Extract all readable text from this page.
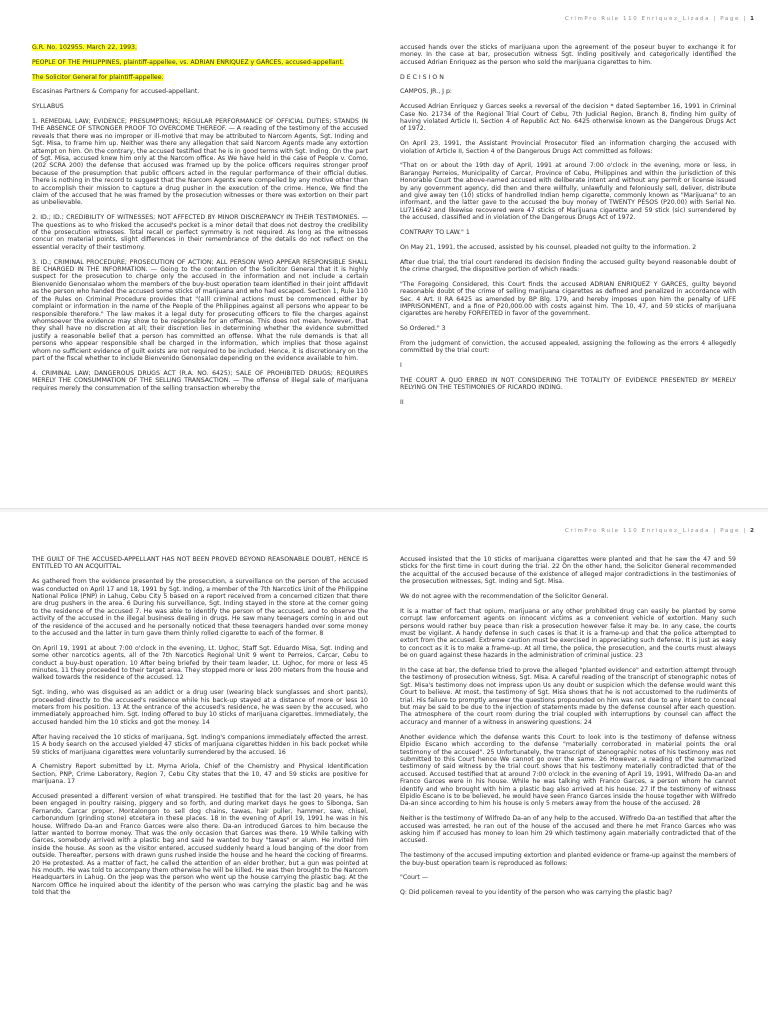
CrimPro Rule 110 Enriquez_Lizada | Page | 1

G.R. No. 102955. March 22, 1993.

PEOPLE OF THE PHILIPPINES, plaintiff-appellee, vs. ADRIAN ENRIQUEZ y GARCES, accused-appellant.

The Solicitor General for plaintiff-appellee.

Escasinas Partners & Company for accused-appellant.

SYLLABUS

1. REMEDIAL LAW; EVIDENCE; PRESUMPTIONS; REGULAR PERFORMANCE OF OFFICIAL DUTIES; STANDS IN THE ABSENCE OF STRONGER PROOF TO OVERCOME THEREOF. — A reading of the testimony of the accused reveals that there was no improper or ill-motive that may be attributed to Narcom Agents, Sgt. Inding and Sgt. Misa, to frame him up. Neither was there any allegation that said Narcom Agents made any extortion attempt on him. On the contrary, the accused testified that he is in good terms with Sgt. Inding. On the part of Sgt. Misa, accused knew him only at the Narcom office. As We have held in the case of People v. Como, (202 SCRA 200) the defense that accused was framed up by the police officers requires stronger proof because of the presumption that public officers acted in the regular performance of their official duties. There is nothing in the record to suggest that the Narcom Agents were compelled by any motive other than to accomplish their mission to capture a drug pusher in the execution of the crime. Hence, We find the claim of the accused that he was framed by the prosecution witnesses or there was extortion on their part as unbelievable.

2. ID.; ID.; CREDIBILITY OF WITNESSES; NOT AFFECTED BY MINOR DISCREPANCY IN THEIR TESTIMONIES. — The questions as to who frisked the accused's pocket is a minor detail that does not destroy the credibility of the prosecution witnesses. Total recall or perfect symmetry is not required. As long as the witnesses concur on material points, slight differences in their remembrance of the details do not reflect on the essential veracity of their testimony.

3. ID.; CRIMINAL PROCEDURE; PROSECUTION OF ACTION; ALL PERSON WHO APPEAR RESPONSIBLE SHALL BE CHARGED IN THE INFORMATION. — Going to the contention of the Solicitor General that it is highly suspect for the prosecution to charge only the accused in the information and not include a certain Bienvenido Genonsalao whom the members of the buy-bust operation team identified in their joint affidavit as the person who handed the accused some sticks of marijuana and who had escaped. Section 1, Rule 110 of the Rules on Criminal Procedure provides that "(a)ll criminal actions must be commenced either by complaint or information in the name of the People of the Philippines against all persons who appear to be responsible therefore." The law makes it a legal duty for prosecuting officers to file the charges against whomsoever the evidence may show to be responsible for an offense. This does not mean, however, that they shall have no discretion at all; their discretion lies in determining whether the evidence submitted justify a reasonable belief that a person has committed an offense. What the rule demands is that all persons who appear responsible shall be charged in the information, which implies that those against whom no sufficient evidence of guilt exists are not required to be included. Hence, it is discretionary on the part of the fiscal whether to include Bienvenido Genonsalao depending on the evidence available to him.

4. CRIMINAL LAW; DANGEROUS DRUGS ACT (R.A. NO. 6425); SALE OF PROHIBITED DRUGS; REQUIRES MERELY THE CONSUMMATION OF THE SELLING TRANSACTION. — The offense of illegal sale of marijuana requires merely the consummation of the selling transaction whereby the

accused hands over the sticks of marijuana upon the agreement of the poseur buyer to exchange it for money. In the case at bar, prosecution witness Sgt. Inding positively and categorically identified the accused Adrian Enriquez as the person who sold the marijuana cigarettes to him.

D E C I S I O N

CAMPOS, JR., J p:

Accused Adrian Enriquez y Garces seeks a reversal of the decision * dated September 16, 1991 in Criminal Case No. 21734 of the Regional Trial Court of Cebu, 7th Judicial Region, Branch 8, finding him guilty of having violated Article II, Section 4 of Republic Act No. 6425 otherwise known as the Dangerous Drugs Act of 1972.

On April 23, 1991, the Assistant Provincial Prosecutor filed an information charging the accused with violation of Article II, Section 4 of the Dangerous Drugs Act committed as follows:

"That on or about the 19th day of April, 1991 at around 7:00 o'clock in the evening, more or less, in Barangay Perreios, Municipality of Carcar, Province of Cebu, Philippines and within the jurisdiction of this Honorable Court the above-named accused with deliberate intent and without any permit or license issued by any government agency, did then and there willfully, unlawfully and feloniously sell, deliver, distribute and give away ten (10) sticks of handrolled Indian hemp cigarette, commonly known as "Marijuana" to an informant, and the latter gave to the accused the buy money of TWENTY PESOS (P20.00) with Serial No. LU716642 and likewise recovered were 47 sticks of Marijuana cigarette and 59 stick (sic) surrendered by the accused, classified and in violation of the Dangerous Drugs Act of 1972.

CONTRARY TO LAW." 1

On May 21, 1991, the accused, assisted by his counsel, pleaded not guilty to the information. 2

After due trial, the trial court rendered its decision finding the accused guilty beyond reasonable doubt of the crime charged, the dispositive portion of which reads:

"The Foregoing Considered, this Court finds the accused ADRIAN ENRIQUEZ Y GARCES, guilty beyond reasonable doubt of the crime of selling marijuana cigarettes as defined and penalized in accordance with Sec. 4 Art. II RA 6425 as amended by BP Blg. 179, and hereby imposes upon him the penalty of LIFE IMPRISONMENT, and a fine of P20,000.00 with costs against him. The 10, 47, and 59 sticks of marijuana cigarettes are hereby FORFEITED in favor of the government.

So Ordered." 3

From the judgment of conviction, the accused appealed, assigning the following as the errors 4 allegedly committed by the trial court:

I

THE COURT A QUO ERRED IN NOT CONSIDERING THE TOTALITY OF EVIDENCE PRESENTED BY MERELY RELYING ON THE TESTIMONIES OF RICARDO INDING.

II

CrimPro Rule 110 Enriquez_Lizada | Page | 2

THE GUILT OF THE ACCUSED-APPELLANT HAS NOT BEEN PROVED BEYOND REASONABLE DOUBT, HENCE IS ENTITLED TO AN ACQUITTAL.

As gathered from the evidence presented by the prosecution, a surveillance on the person of the accused was conducted on April 17 and 18, 1991 by Sgt. Inding, a member of the 7th Narcotics Unit of the Philippine National Police (PNP) in Lahug, Cebu City 5 based on a report received from a concerned citizen that there are drug pushers in the area. 6 During his surveillance, Sgt. Inding stayed in the store at the corner going to the residence of the accused 7. He was able to identify the person of the accused, and to observe the activity of the accused in the illegal business dealing in drugs. He saw many teenagers coming in and out of the residence of the accused and he personally noticed that these teenagers handed over some money to the accused and the latter in turn gave them thinly rolled cigarette to each of the former. 8

On April 19, 1991 at about 7:00 o'clock in the evening, Lt. Ughoc, Staff Sgt. Eduardo Misa, Sgt. Inding and some other narcotics agents, all of the 7th Narcotics Regional Unit 9 went to Perreios, Carcar, Cebu to conduct a buy-bust operation. 10 After being briefed by their team leader, Lt. Ughoc, for more or less 45 minutes, 11 they proceeded to their target area. They stopped more or less 200 meters from the house and walked towards the residence of the accused. 12

Sgt. Inding, who was disguised as an addict or a drug user (wearing black sunglasses and short pants), proceeded directly to the accused's residence while his back-up stayed at a distance of more or less 10 meters from his position. 13 At the entrance of the accused's residence, he was seen by the accused, who immediately approached him. Sgt. Inding offered to buy 10 sticks of marijuana cigarettes. Immediately, the accused handed him the 10 sticks and got the money. 14

After having received the 10 sticks of marijuana, Sgt. Inding's companions immediately effected the arrest. 15 A body search on the accused yielded 47 sticks of marijuana cigarettes hidden in his back pocket while 59 sticks of marijuana cigarettes were voluntarily surrendered by the accused. 16

A Chemistry Report submitted by Lt. Myrna Ariola, Chief of the Chemistry and Physical Identification Section, PNP, Crime Laboratory, Region 7, Cebu City states that the 10, 47 and 59 sticks are positive for marijuana. 17

Accused presented a different version of what transpired. He testified that for the last 20 years, he has been engaged in poultry raising, piggery and so forth, and during market days he goes to Sibonga, San Fernando, Carcar proper, Montalongon to sell dog chains, tawas, hair puller, hammer, saw, chisel, carborundum (grinding stone) etcetera in these places. 18 In the evening of April 19, 1991 he was in his house. Wilfredo Da-an and Franco Garces were also there. Da-an introduced Garces to him because the latter wanted to borrow money. That was the only occasion that Garces was there. 19 While talking with Garces, somebody arrived with a plastic bag and said he wanted to buy "tawas" or alum. He invited him inside the house. As soon as the visitor entered, accused suddenly heard a loud banging of the door from outside. Thereafter, persons with drawn guns rushed inside the house and he heard the cocking of firearms. 20 He protested. As a matter of fact, he called the attention of an elder brother, but a gun was pointed at his mouth. He was told to accompany them otherwise he will be killed. He was then brought to the Narcom Headquarters in Lahug. On the jeep was the person who went up the house carrying the plastic bag. At the Narcom Office he inquired about the identity of the person who was carrying the plastic bag and he was told that the

Accused insisted that the 10 sticks of marijuana cigarettes were planted and that he saw the 47 and 59 sticks for the first time in court during the trial. 22 On the other hand, the Solicitor General recommended the acquittal of the accused because of the existence of alleged major contradictions in the testimonies of the prosecution witnesses, Sgt. Inding and Sgt. Misa.

We do not agree with the recommendation of the Solicitor General.

It is a matter of fact that opium, marijuana or any other prohibited drug can easily be planted by some corrupt law enforcement agents on innocent victims as a convenient vehicle of extortion. Many such persons would rather buy peace than risk a prosecution however false it may be. In any case, the courts must be vigilant. A handy defense in such cases is that it is a frame-up and that the police attempted to extort from the accused. Extreme caution must be exercised in appreciating such defense. It is just as easy to concoct as it is to make a frame-up. At all time, the police, the prosecution, and the courts must always be on guard against these hazards in the administration of criminal justice. 23

In the case at bar, the defense tried to prove the alleged "planted evidence" and extortion attempt through the testimony of prosecution witness, Sgt. Misa. A careful reading of the transcript of stenographic notes of Sgt. Misa's testimony does not impress upon Us any doubt or suspicion which the defense would want this Court to believe. At most, the testimony of Sgt. Misa shows that he is not accustomed to the rudiments of trial. His failure to promptly answer the questions propounded on him was not due to any intent to conceal but may be said to be due to the injection of statements made by the defense counsel after each question. The atmosphere of the court room during the trial coupled with interruptions by counsel can affect the accuracy and manner of a witness in answering questions. 24

Another evidence which the defense wants this Court to look into is the testimony of defense witness Elpidio Escano which according to the defense "materially corroborated in material points the oral testimony of the accused". 25 Unfortunately, the transcript of stenographic notes of his testimony was not submitted to this Court hence We cannot go over the same. 26 However, a reading of the summarized testimony of said witness by the trial court shows that his testimony materially contradicted that of the accused. Accused testified that at around 7:00 o'clock in the evening of April 19, 1991, Wilfredo Da-an and Franco Garces were in his house. While he was talking with Franco Garces, a person whom he cannot identify and who brought with him a plastic bag also arrived at his house. 27 If the testimony of witness Elpidio Escano is to be believed, he would have seen Franco Garces inside the house together with Wilfredo Da-an since according to him his house is only 5 meters away from the house of the accused. 28

Neither is the testimony of Wilfredo Da-an of any help to the accused. Wilfredo Da-an testified that after the accused was arrested, he ran out of the house of the accused and there he met Franco Garces who was asking him if accused has money to loan him 29 which testimony again materially contradicted that of the accused.

The testimony of the accused imputing extortion and planted evidence or frame-up against the members of the buy-bust operation team is reproduced as follows:

"Court —

Q: Did policemen reveal to you identity of the person who was carrying the plastic bag?
